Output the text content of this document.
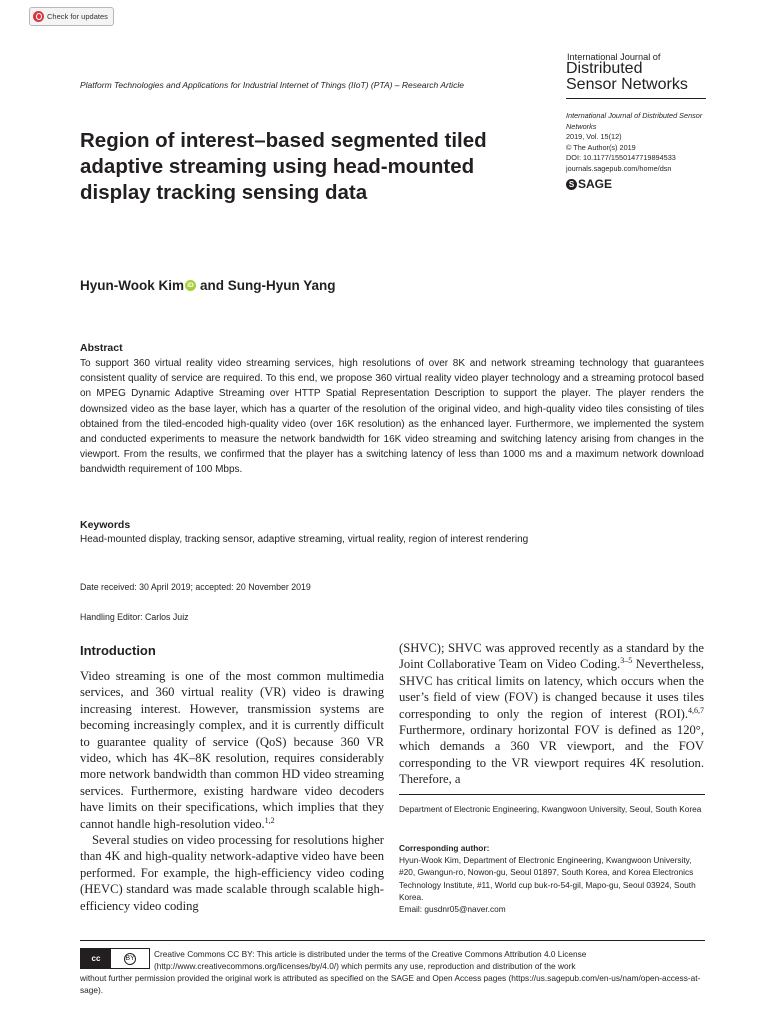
Check for updates
Platform Technologies and Applications for Industrial Internet of Things (IIoT) (PTA) – Research Article
International Journal of
Distributed
Sensor Networks
International Journal of Distributed Sensor Networks
2019, Vol. 15(12)
© The Author(s) 2019
DOI: 10.1177/1550147719894533
journals.sagepub.com/home/dsn
S SAGE
Region of interest–based segmented tiled adaptive streaming using head-mounted display tracking sensing data
Hyun-Wook Kim iD and Sung-Hyun Yang
Abstract
To support 360 virtual reality video streaming services, high resolutions of over 8K and network streaming technology that guarantees consistent quality of service are required. To this end, we propose 360 virtual reality video player technology and a streaming protocol based on MPEG Dynamic Adaptive Streaming over HTTP Spatial Representation Description to support the player. The player renders the downsized video as the base layer, which has a quarter of the resolution of the original video, and high-quality video tiles consisting of tiles obtained from the tiled-encoded high-quality video (over 16K resolution) as the enhanced layer. Furthermore, we implemented the system and conducted experiments to measure the network bandwidth for 16K video streaming and switching latency arising from changes in the viewport. From the results, we confirmed that the player has a switching latency of less than 1000 ms and a maximum network download bandwidth requirement of 100 Mbps.
Keywords
Head-mounted display, tracking sensor, adaptive streaming, virtual reality, region of interest rendering
Date received: 30 April 2019; accepted: 20 November 2019
Handling Editor: Carlos Juiz
Introduction

Video streaming is one of the most common multimedia services, and 360 virtual reality (VR) video is drawing increasing interest. However, transmission systems are becoming increasingly complex, and it is currently difficult to guarantee quality of service (QoS) because 360 VR video, which has 4K–8K resolution, requires considerably more network bandwidth than common HD video streaming services. Furthermore, existing hardware video decoders have limits on their specifications, which implies that they cannot handle high-resolution video.$^{1,2}$

Several studies on video processing for resolutions higher than 4K and high-quality network-adaptive video have been performed. For example, the high-efficiency video coding (HEVC) standard was made scalable through scalable high-efficiency video coding

(SHVC); SHVC was approved recently as a standard by the Joint Collaborative Team on Video Coding.$^{3-5}$ Nevertheless, SHVC has critical limits on latency, which occurs when the user’s field of view (FOV) is changed because it uses tiles corresponding to only the region of interest (ROI).$^{4,6,7}$ Furthermore, ordinary horizontal FOV is defined as 120°, which demands a 360 VR viewport, and the FOV corresponding to the VR viewport requires 4K resolution. Therefore, a

Department of Electronic Engineering, Kwangwoon University, Seoul, South Korea
Corresponding author:
Hyun-Wook Kim, Department of Electronic Engineering, Kwangwoon University, #20, Gwangun-ro, Nowon-gu, Seoul 01897, South Korea, and Korea Electronics Technology Institute, #11, World cup buk-ro-54-gil, Mapo-gu, Seoul 03924, South Korea.
Email: gusdnr05@naver.com
cc	BY Creative Commons CC BY: This article is distributed under the terms of the Creative Commons Attribution 4.0 License (http://www.creativecommons.org/licenses/by/4.0/) which permits any use, reproduction and distribution of the work
without further permission provided the original work is attributed as specified on the SAGE and Open Access pages (https://us.sagepub.com/en-us/nam/open-access-at-sage).
